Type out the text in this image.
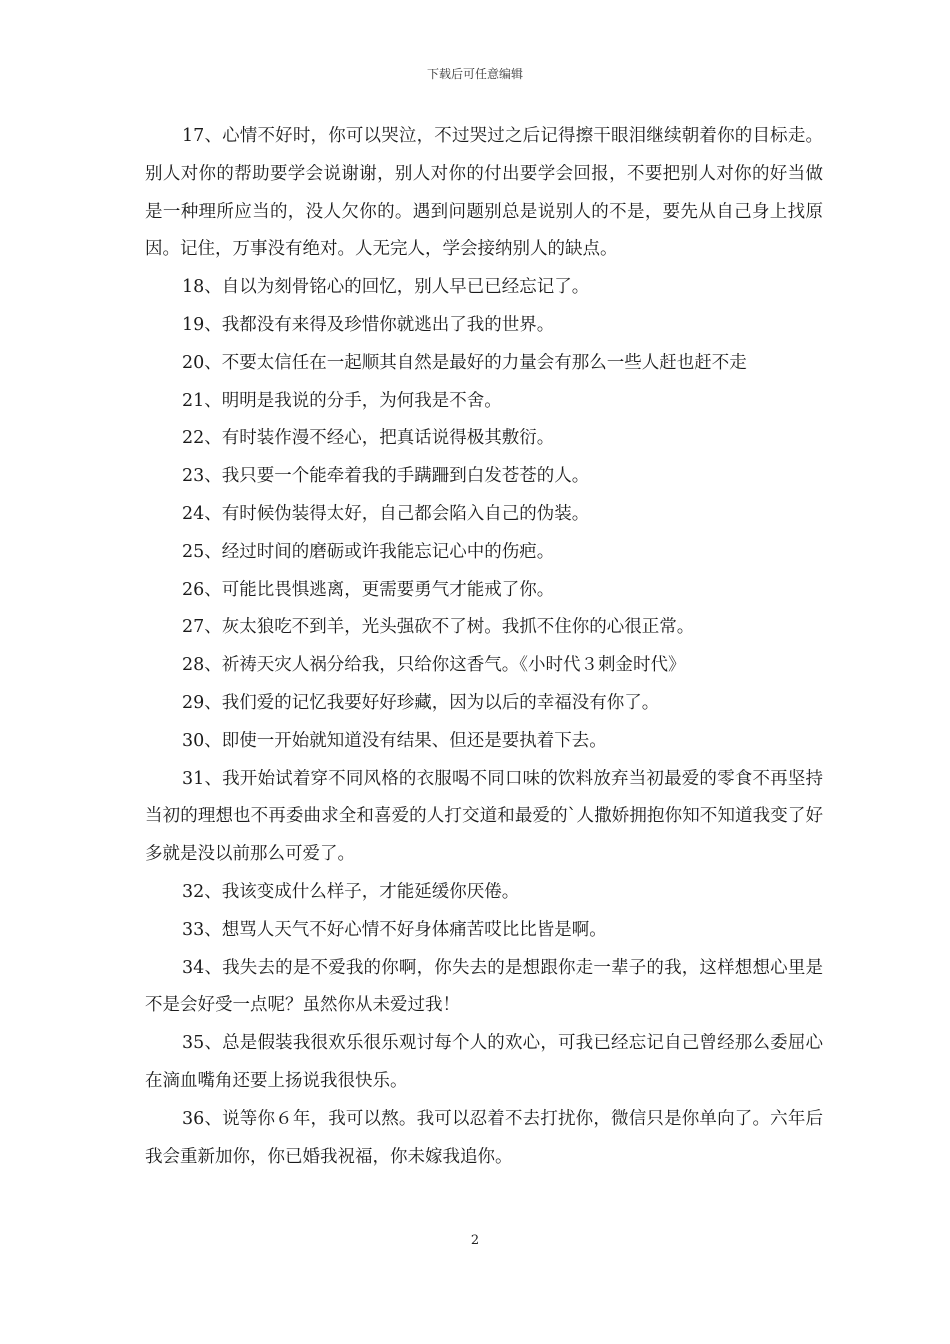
下载后可任意编辑

17、心情不好时，你可以哭泣，不过哭过之后记得擦干眼泪继续朝着你的目标走。别人对你的帮助要学会说谢谢，别人对你的付出要学会回报，不要把别人对你的好当做是一种理所应当的，没人欠你的。遇到问题别总是说别人的不是，要先从自己身上找原因。记住，万事没有绝对。人无完人，学会接纳别人的缺点。

18、自以为刻骨铭心的回忆，别人早已已经忘记了。

19、我都没有来得及珍惜你就逃出了我的世界。

20、不要太信任在一起顺其自然是最好的力量会有那么一些人赶也赶不走

21、明明是我说的分手，为何我是不舍。

22、有时装作漫不经心，把真话说得极其敷衍。

23、我只要一个能牵着我的手蹒跚到白发苍苍的人。

24、有时候伪装得太好，自己都会陷入自己的伪装。

25、经过时间的磨砺或许我能忘记心中的伤疤。

26、可能比畏惧逃离，更需要勇气才能戒了你。

27、灰太狼吃不到羊，光头强砍不了树。我抓不住你的心很正常。

28、祈祷天灾人祸分给我，只给你这香气。《小时代３刺金时代》

29、我们爱的记忆我要好好珍藏，因为以后的幸福没有你了。

30、即使一开始就知道没有结果、但还是要执着下去。

31、我开始试着穿不同风格的衣服喝不同口味的饮料放弃当初最爱的零食不再坚持当初的理想也不再委曲求全和喜爱的人打交道和最爱的`人撒娇拥抱你知不知道我变了好多就是没以前那么可爱了。

32、我该变成什么样子，才能延缓你厌倦。

33、想骂人天气不好心情不好身体痛苦哎比比皆是啊。

34、我失去的是不爱我的你啊，你失去的是想跟你走一辈子的我，这样想想心里是不是会好受一点呢？虽然你从未爱过我！

35、总是假装我很欢乐很乐观讨每个人的欢心，可我已经忘记自己曾经那么委屈心在滴血嘴角还要上扬说我很快乐。

36、说等你６年，我可以熬。我可以忍着不去打扰你，微信只是你单向了。六年后我会重新加你，你已婚我祝福，你未嫁我追你。

2
